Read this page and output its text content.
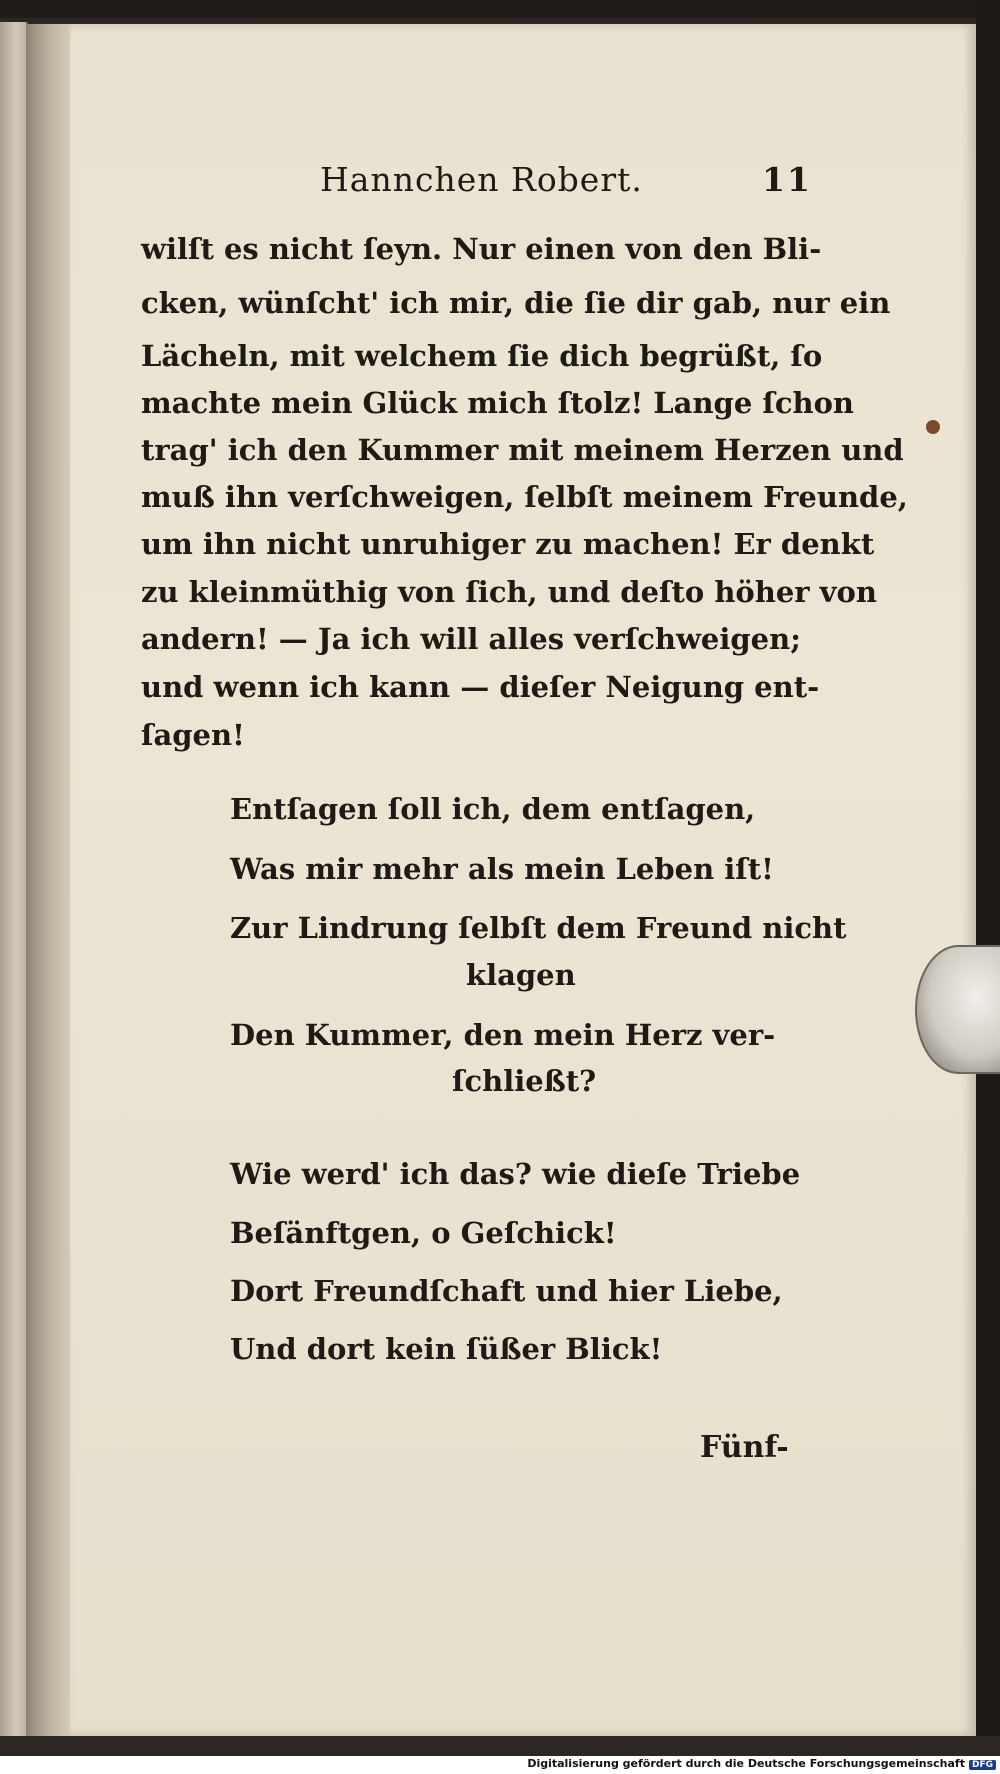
Hannchen Robert.	11
wilſt es nicht ſeyn. Nur einen von den Bli-
cken, wünſcht' ich mir, die ſie dir gab, nur ein
Lächeln, mit welchem ſie dich begrüßt, ſo
machte mein Glück mich ſtolz! Lange ſchon
trag' ich den Kummer mit meinem Herzen und
muß ihn verſchweigen, ſelbſt meinem Freunde,
um ihn nicht unruhiger zu machen! Er denkt
zu kleinmüthig von ſich, und deſto höher von
andern! — Ja ich will alles verſchweigen;
und wenn ich kann — dieſer Neigung ent-
ſagen!
Entſagen ſoll ich, dem entſagen,
Was mir mehr als mein Leben iſt!
Zur Lindrung ſelbſt dem Freund nicht
klagen
Den Kummer, den mein Herz ver-
ſchließt?
Wie werd' ich das? wie dieſe Triebe
Beſänftgen, o Geſchick!
Dort Freundſchaft und hier Liebe,
Und dort kein ſüßer Blick!
Fünf-
Digitalisierung gefördert durch die Deutsche Forschungsgemeinschaft DFG
